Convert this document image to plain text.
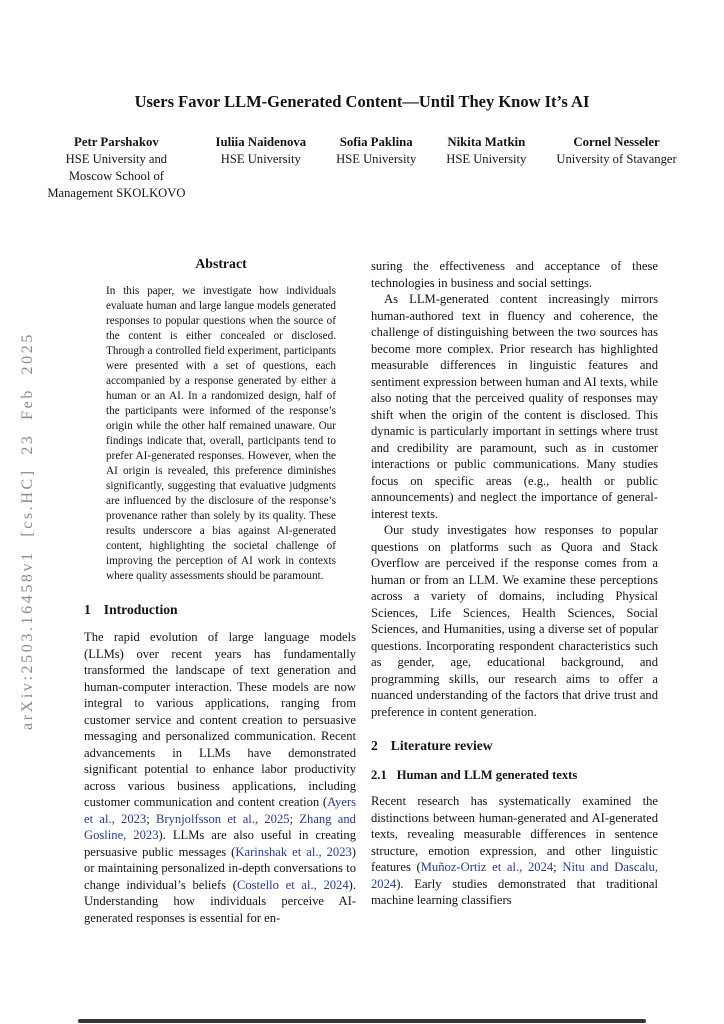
arXiv:2503.16458v1 [cs.HC] 23 Feb 2025
Users Favor LLM-Generated Content—Until They Know It’s AI
Petr Parshakov
HSE University and
Moscow School of
Management SKOLKOVO
Iuliia Naidenova
HSE University
Sofia Paklina
HSE University
Nikita Matkin
HSE University
Cornel Nesseler
University of Stavanger
Abstract

In this paper, we investigate how individuals evaluate human and large langue models generated responses to popular questions when the source of the content is either concealed or disclosed. Through a controlled field experiment, participants were presented with a set of questions, each accompanied by a response generated by either a human or an AI. In a randomized design, half of the participants were informed of the response’s origin while the other half remained unaware. Our findings indicate that, overall, participants tend to prefer AI-generated responses. However, when the AI origin is revealed, this preference diminishes significantly, suggesting that evaluative judgments are influenced by the disclosure of the response’s provenance rather than solely by its quality. These results underscore a bias against AI-generated content, highlighting the societal challenge of improving the perception of AI work in contexts where quality assessments should be paramount.

1 Introduction

The rapid evolution of large language models (LLMs) over recent years has fundamentally transformed the landscape of text generation and human-computer interaction. These models are now integral to various applications, ranging from customer service and content creation to persuasive messaging and personalized communication. Recent advancements in LLMs have demonstrated significant potential to enhance labor productivity across various business applications, including customer communication and content creation (Ayers et al., 2023; Brynjolfsson et al., 2025; Zhang and Gosline, 2023). LLMs are also useful in creating persuasive public messages (Karinshak et al., 2023) or maintaining personalized in-depth conversations to change individual’s beliefs (Costello et al., 2024). Understanding how individuals perceive AI-generated responses is essential for en-

suring the effectiveness and acceptance of these technologies in business and social settings.

As LLM-generated content increasingly mirrors human-authored text in fluency and coherence, the challenge of distinguishing between the two sources has become more complex. Prior research has highlighted measurable differences in linguistic features and sentiment expression between human and AI texts, while also noting that the perceived quality of responses may shift when the origin of the content is disclosed. This dynamic is particularly important in settings where trust and credibility are paramount, such as in customer interactions or public communications. Many studies focus on specific areas (e.g., health or public announcements) and neglect the importance of general-interest texts.

Our study investigates how responses to popular questions on platforms such as Quora and Stack Overflow are perceived if the response comes from a human or from an LLM. We examine these perceptions across a variety of domains, including Physical Sciences, Life Sciences, Health Sciences, Social Sciences, and Humanities, using a diverse set of popular questions. Incorporating respondent characteristics such as gender, age, educational background, and programming skills, our research aims to offer a nuanced understanding of the factors that drive trust and preference in content generation.

2 Literature review
2.1 Human and LLM generated texts

Recent research has systematically examined the distinctions between human-generated and AI-generated texts, revealing measurable differences in sentence structure, emotion expression, and other linguistic features (Muñoz-Ortiz et al., 2024; Nitu and Dascalu, 2024). Early studies demonstrated that traditional machine learning classifiers
